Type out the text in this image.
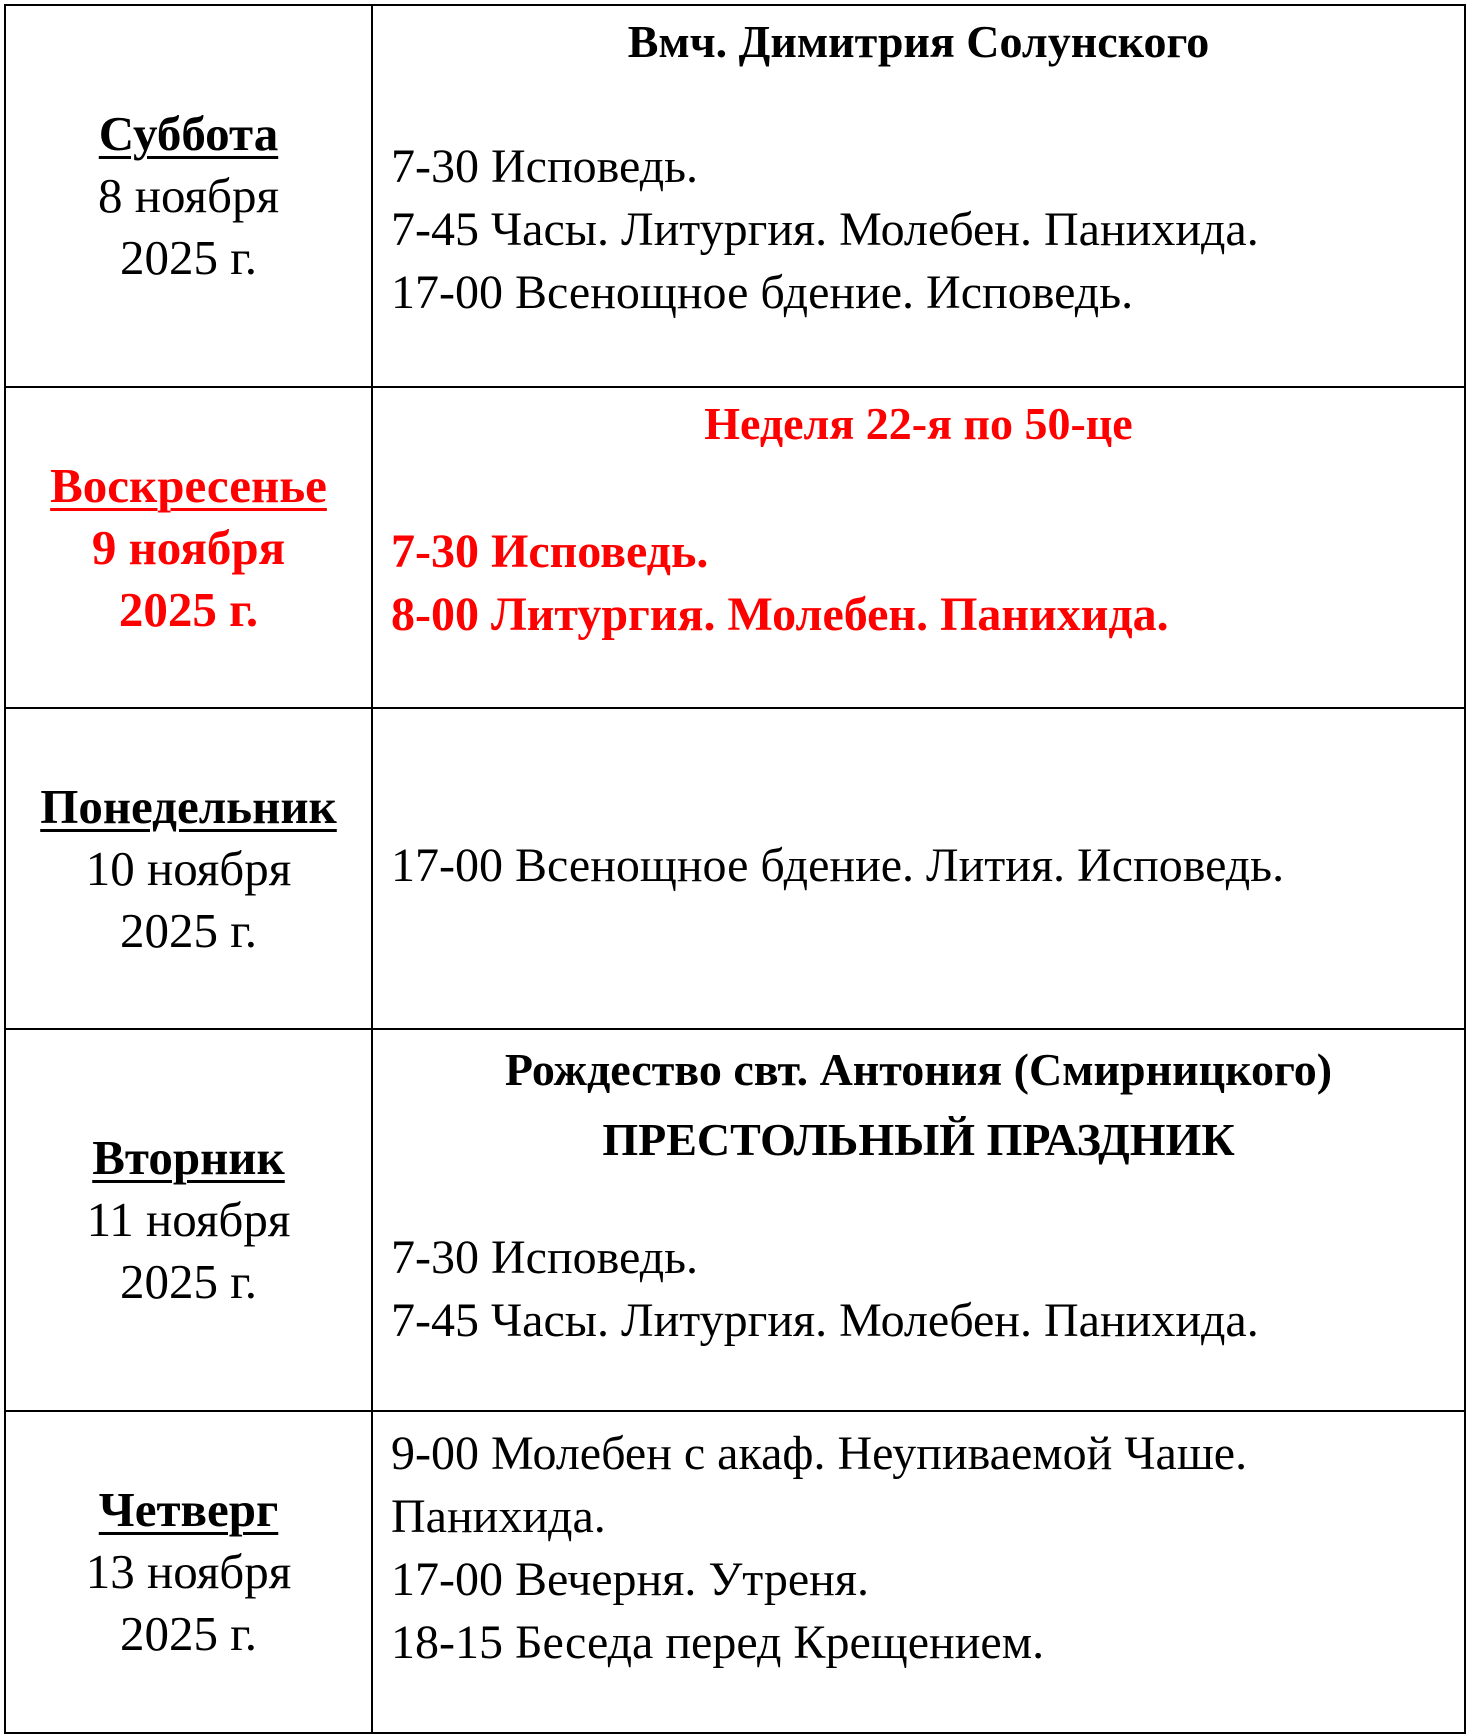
Суббота
8 ноября
2025 г.	Вмч. Димитрия Солунского
7-30 Исповедь.
7-45 Часы. Литургия. Молебен. Панихида.
17-00 Всенощное бдение. Исповедь.

Воскресенье
9 ноября
2025 г.	Неделя 22-я по 50-це
7-30 Исповедь.
8-00 Литургия. Молебен. Панихида.

Понедельник
10 ноября
2025 г.	17-00 Всенощное бдение. Лития. Исповедь.

Вторник
11 ноября
2025 г.	Рождество свт. Антония (Смирницкого)
ПРЕСТОЛЬНЫЙ ПРАЗДНИК
7-30 Исповедь.
7-45 Часы. Литургия. Молебен. Панихида.

Четверг
13 ноября
2025 г.	9-00 Молебен с акаф. Неупиваемой Чаше.
Панихида.
17-00 Вечерня. Утреня.
18-15 Беседа перед Крещением.
